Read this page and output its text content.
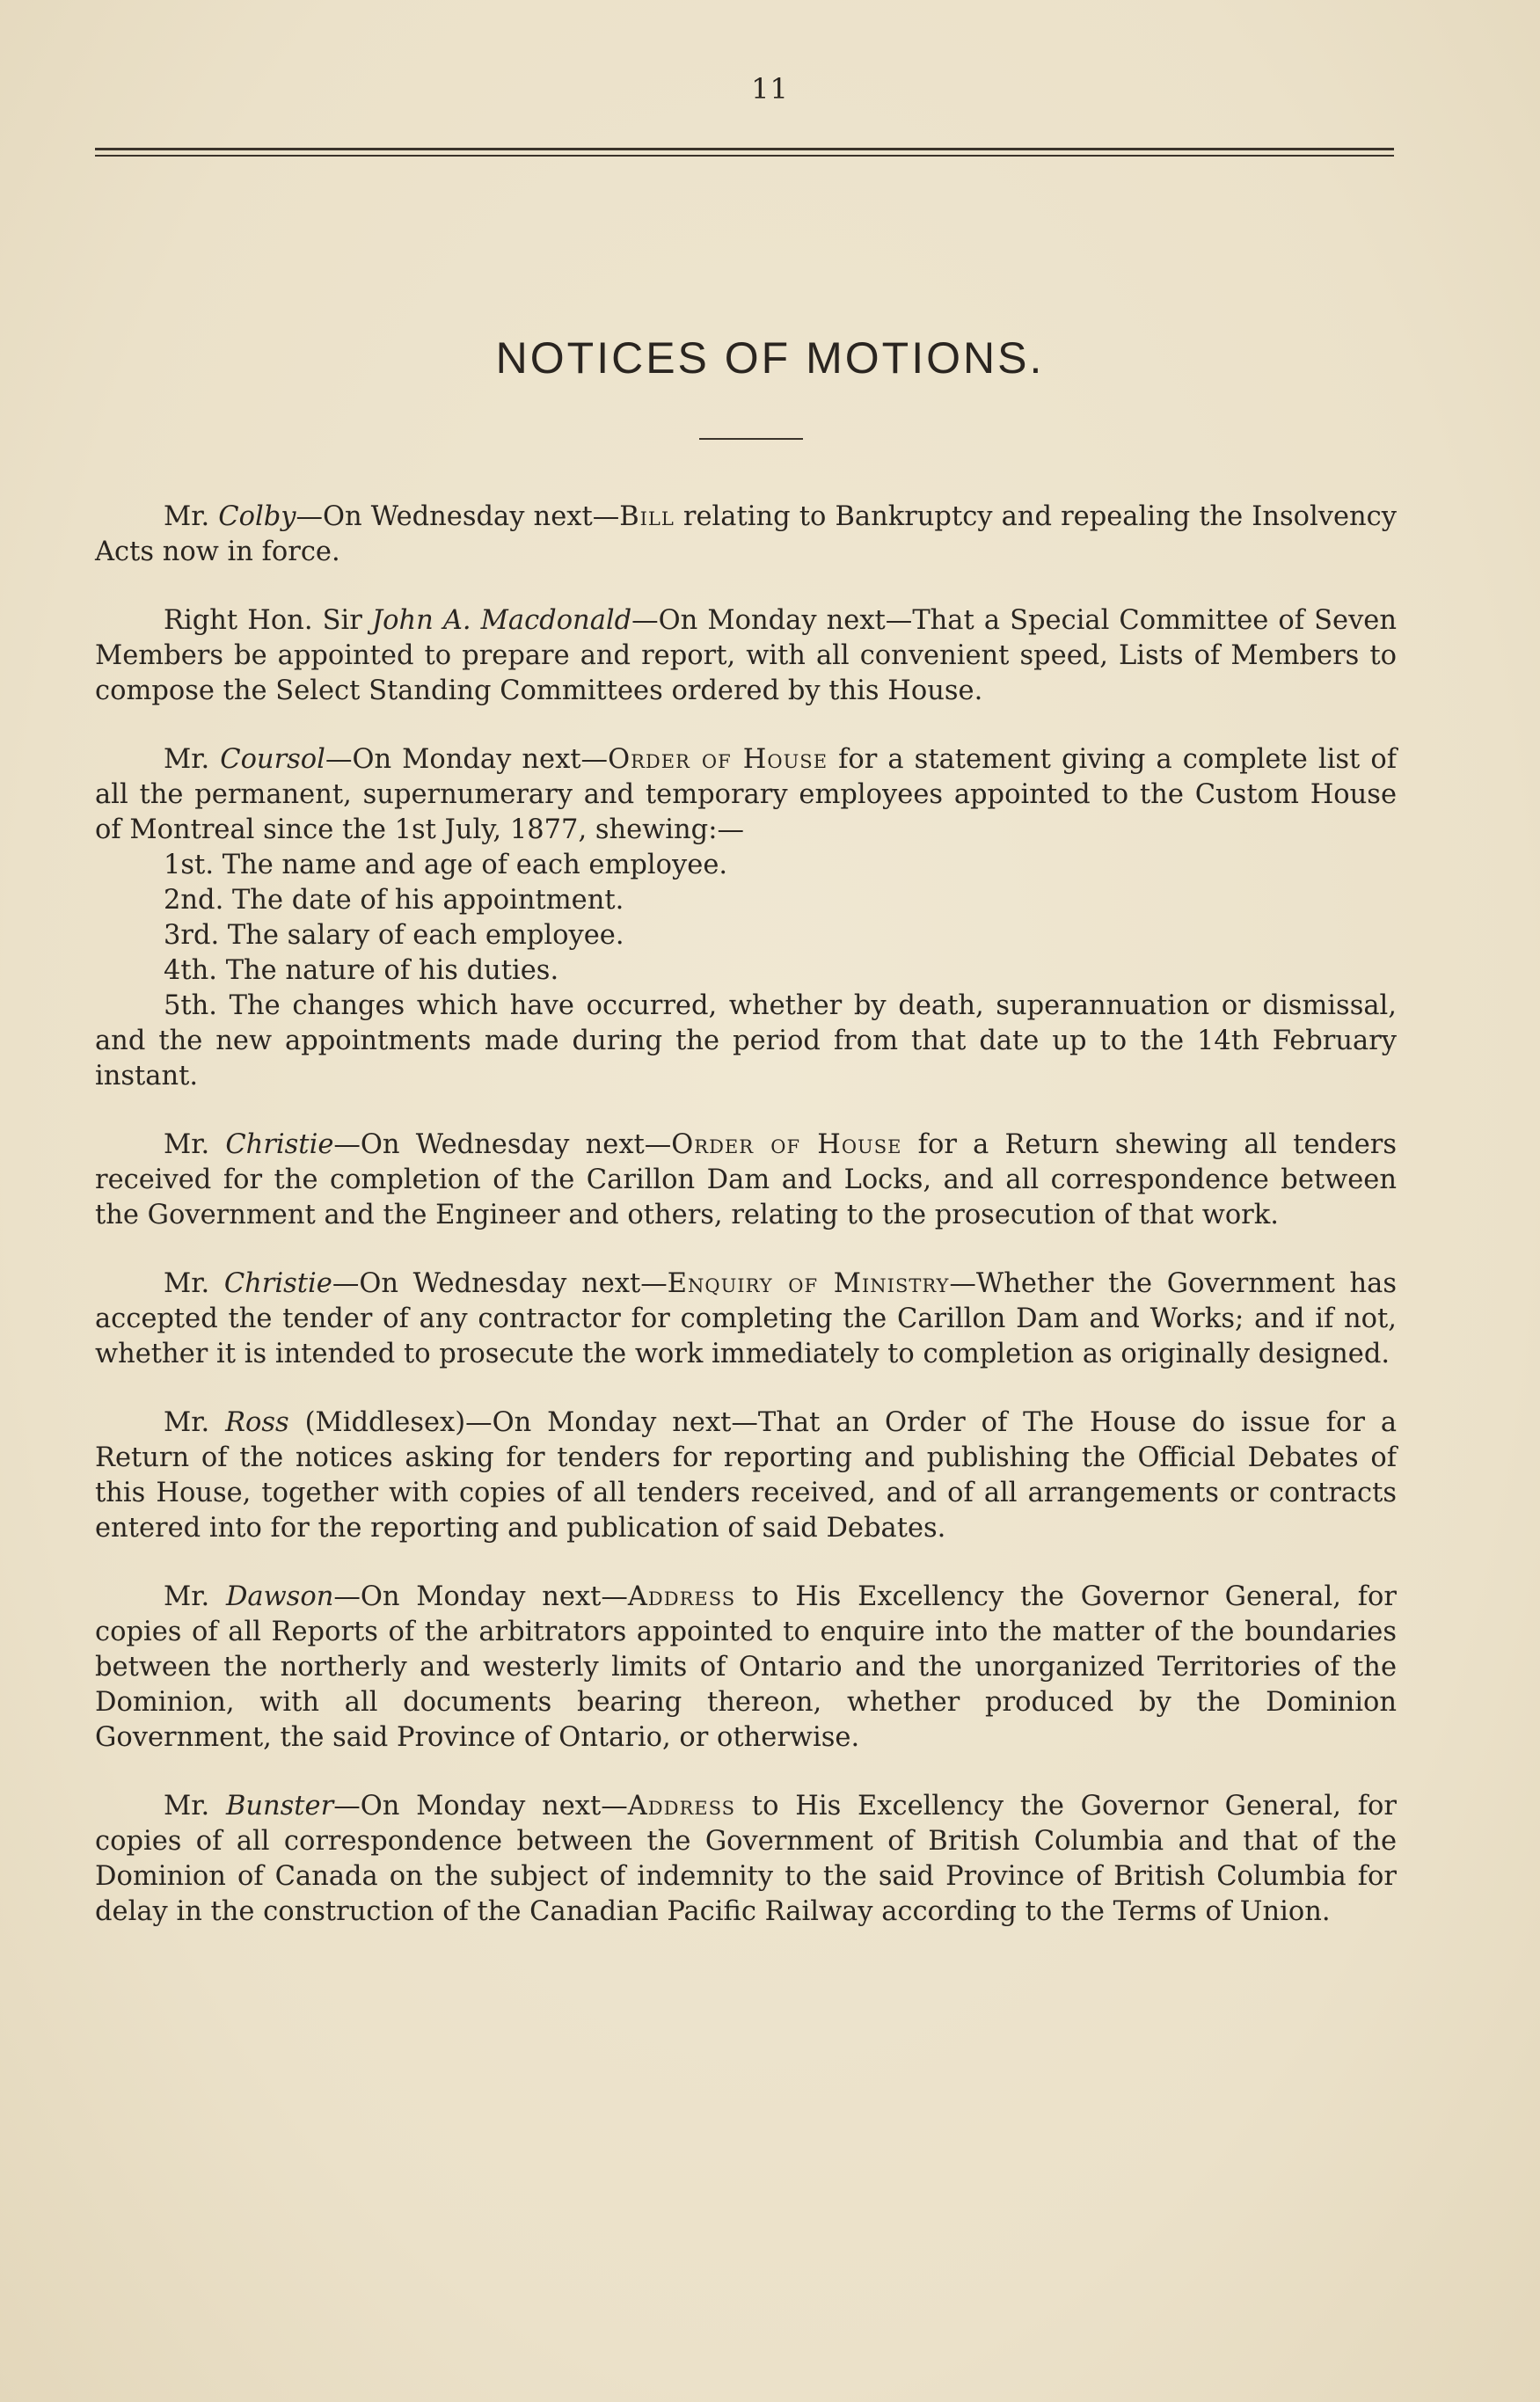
11
NOTICES OF MOTIONS.

Mr. Colby—On Wednesday next—Bill relating to Bankruptcy and repealing the Insolvency Acts now in force.

Right Hon. Sir John A. Macdonald—On Monday next—That a Special Committee of Seven Members be appointed to prepare and report, with all convenient speed, Lists of Members to compose the Select Standing Committees ordered by this House.

Mr. Coursol—On Monday next—Order of House for a statement giving a complete list of all the permanent, supernumerary and temporary employees appointed to the Custom House of Montreal since the 1st July, 1877, shewing:—

1st. The name and age of each employee.

2nd. The date of his appointment.

3rd. The salary of each employee.

4th. The nature of his duties.

5th. The changes which have occurred, whether by death, superannuation or dismissal, and the new appointments made during the period from that date up to the 14th February instant.

Mr. Christie—On Wednesday next—Order of House for a Return shewing all tenders received for the completion of the Carillon Dam and Locks, and all correspondence between the Government and the Engineer and others, relating to the prosecution of that work.

Mr. Christie—On Wednesday next—Enquiry of Ministry—Whether the Government has accepted the tender of any contractor for completing the Carillon Dam and Works; and if not, whether it is intended to prosecute the work immediately to completion as originally designed.

Mr. Ross (Middlesex)—On Monday next—That an Order of The House do issue for a Return of the notices asking for tenders for reporting and publishing the Official Debates of this House, together with copies of all tenders received, and of all arrangements or contracts entered into for the reporting and publication of said Debates.

Mr. Dawson—On Monday next—Address to His Excellency the Governor General, for copies of all Reports of the arbitrators appointed to enquire into the matter of the boundaries between the northerly and westerly limits of Ontario and the unorganized Territories of the Dominion, with all documents bearing thereon, whether produced by the Dominion Government, the said Province of Ontario, or otherwise.

Mr. Bunster—On Monday next—Address to His Excellency the Governor General, for copies of all correspondence between the Government of British Columbia and that of the Dominion of Canada on the subject of indemnity to the said Province of British Columbia for delay in the construction of the Canadian Pacific Railway according to the Terms of Union.
